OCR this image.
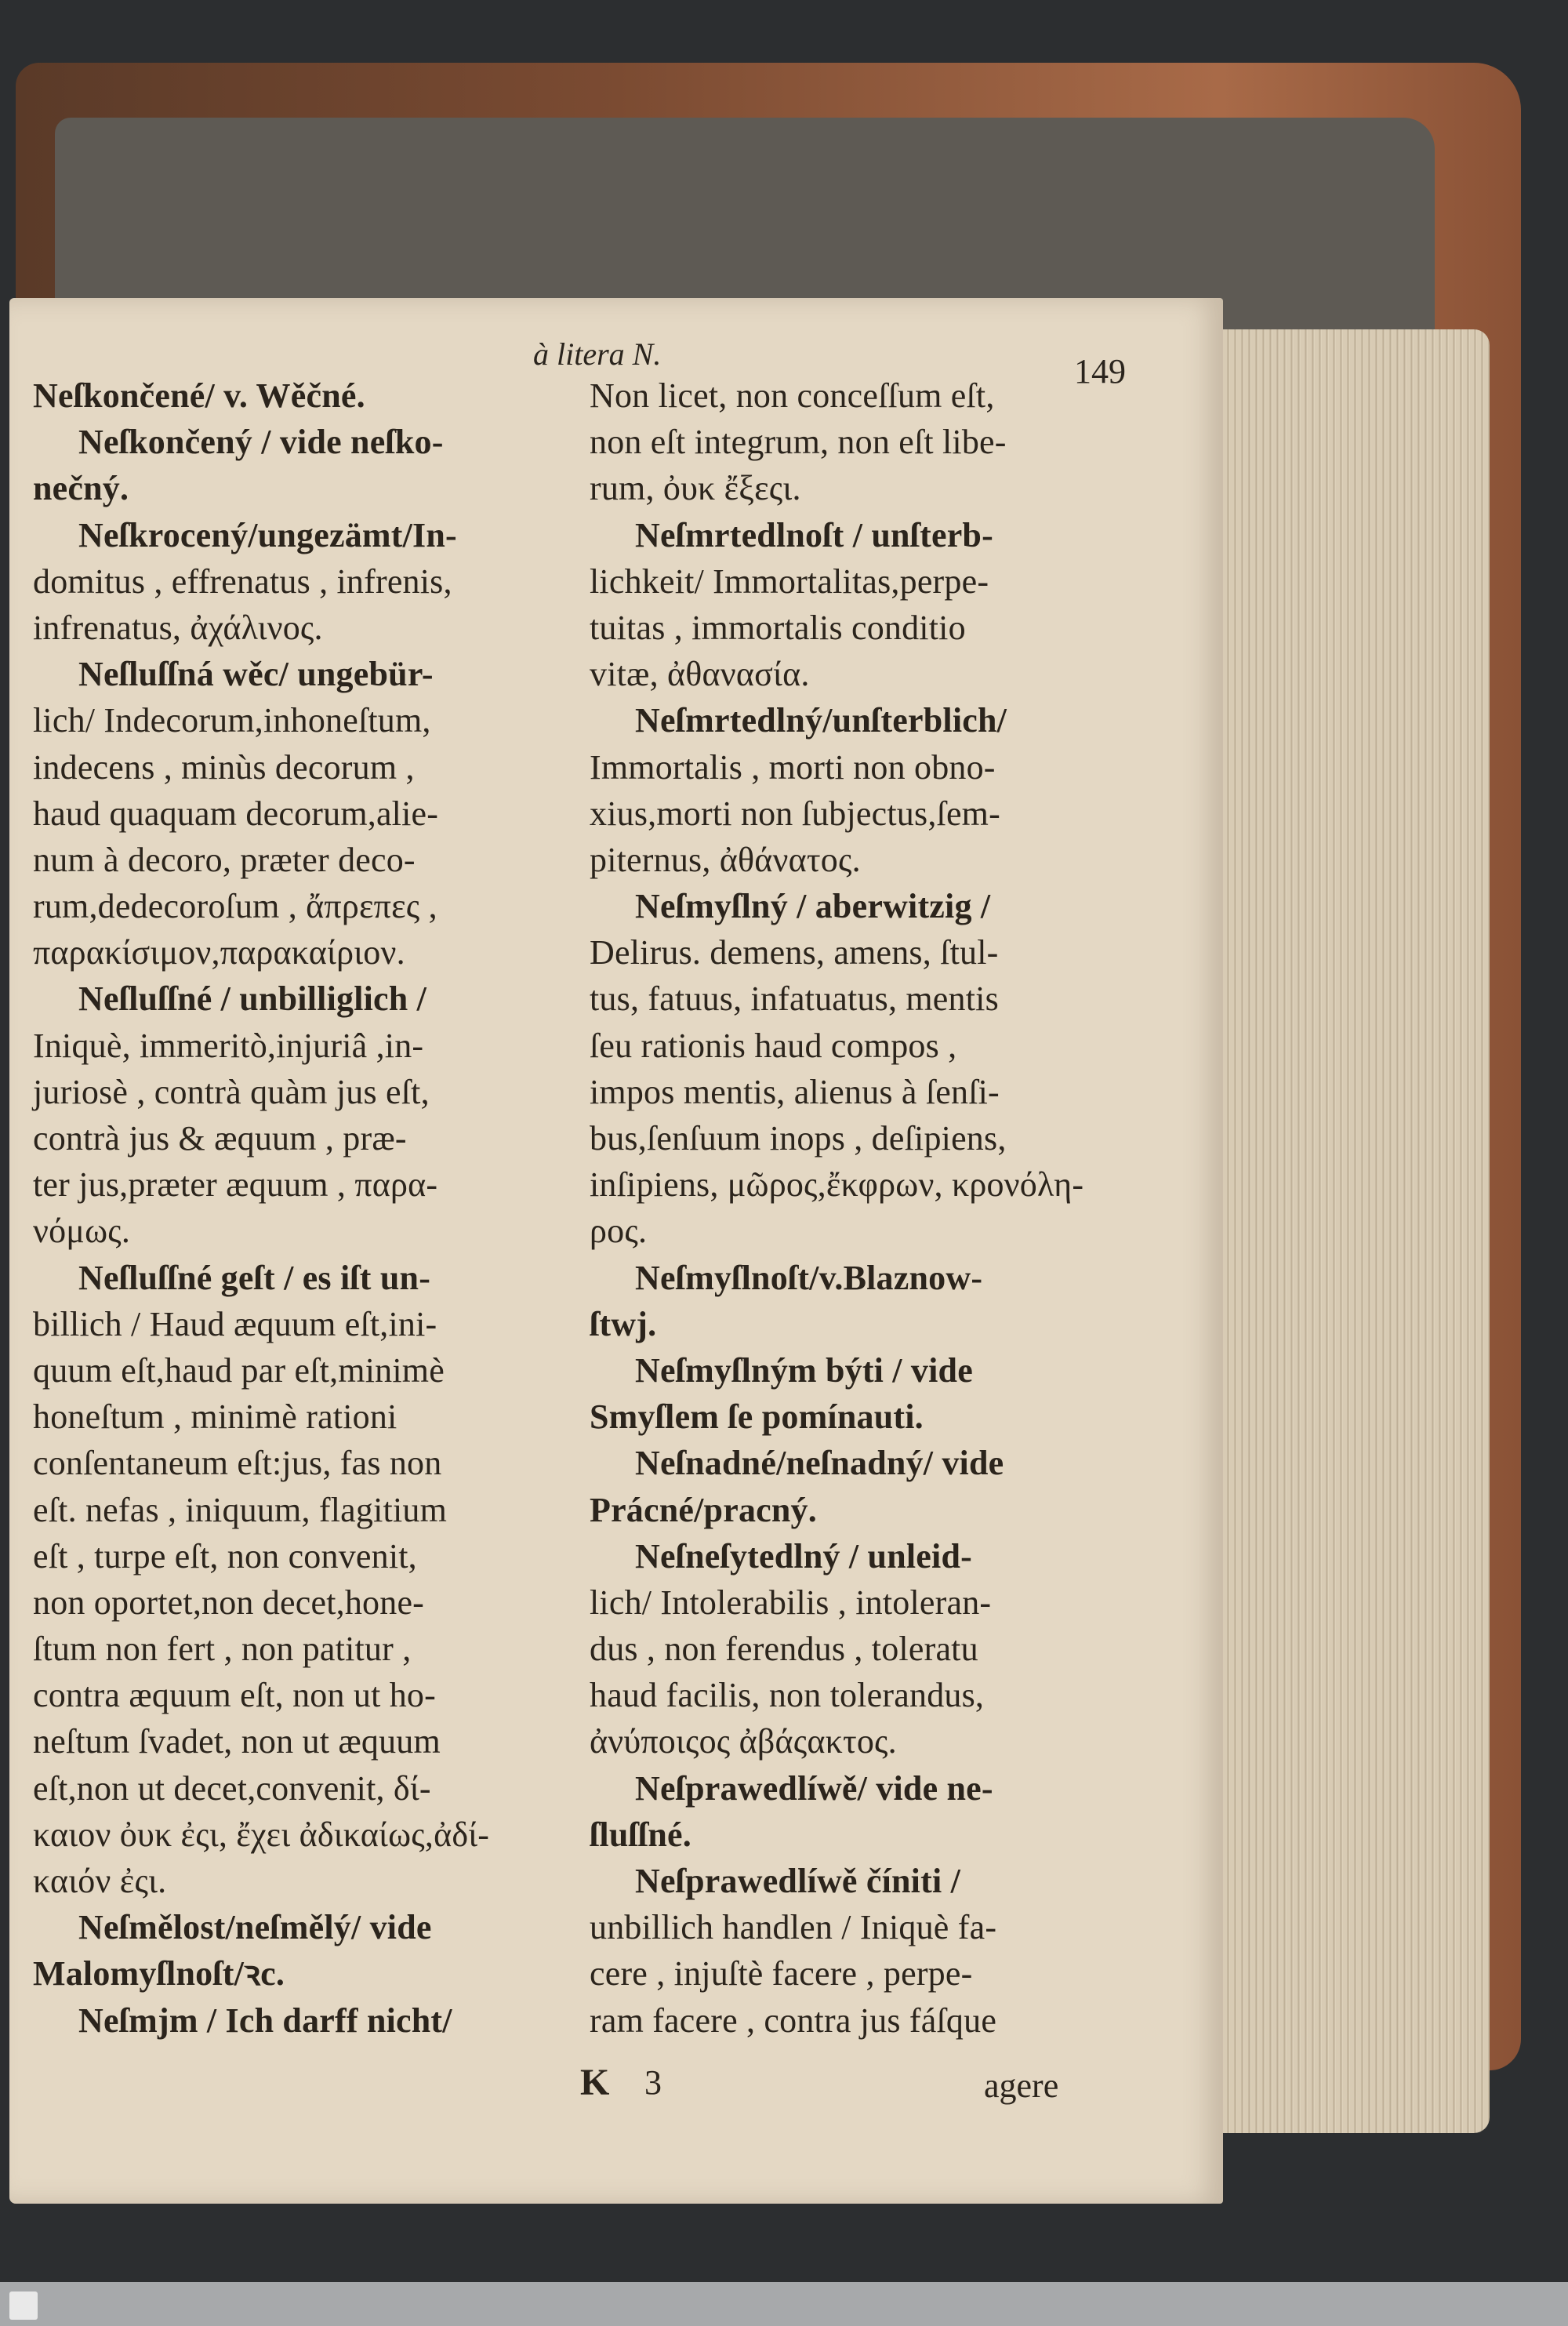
à litera N.	149
Neſkončené/ v. Wěčné.
Neſkončený / vide neſko-
nečný.
Neſkrocený/ungezämt/In-
domitus , effrenatus , infrenis,
infrenatus, ἀχάλινος.
Neſluſſná wěc/ ungebür-
lich/ Indecorum,inhoneſtum,
indecens , minùs decorum ,
haud quaquam decorum,alie-
num à decoro, præter deco-
rum,dedecoroſum , ἄπρεπες ,
παρακίσιμον,παρακαίριον.
Neſluſſné / unbilliglich /
Iniquè, immeritò,injuriâ ,in-
juriosè , contrà quàm jus eſt,
contrà jus & æquum , præ-
ter jus,præter æquum , παρα-
νόμως.
Neſluſſné geſt / es iſt un-
billich / Haud æquum eſt,ini-
quum eſt,haud par eſt,minimè
honeſtum , minimè rationi
conſentaneum eſt:jus, fas non
eſt. nefas , iniquum, flagitium
eſt , turpe eſt, non convenit,
non oportet,non decet,hone-
ſtum non fert , non patitur ,
contra æquum eſt, non ut ho-
neſtum ſvadet, non ut æquum
eſt,non ut decet,convenit, δί-
καιον ὀυκ ἐςι, ἔχει ἀδικαίως,ἀδί-
καιόν ἐςι.
Neſmělost/neſmělý/ vide
Malomyſlnoſt/ꝛc.
Neſmjm / Ich darff nicht/
Non licet, non conceſſum eſt,
non eſt integrum, non eſt libe-
rum, ὀυκ ἔξεςι.
Neſmrtedlnoſt / unſterb-
lichkeit/ Immortalitas,perpe-
tuitas , immortalis conditio
vitæ, ἀθανασία.
Neſmrtedlný/unſterblich/
Immortalis , morti non obno-
xius,morti non ſubjectus,ſem-
piternus, ἀθάνατος.
Neſmyſlný / aberwitzig /
Delirus. demens, amens, ſtul-
tus, fatuus, infatuatus, mentis
ſeu rationis haud compos ,
impos mentis, alienus à ſenſi-
bus,ſenſuum inops , deſipiens,
inſipiens, μῶρος,ἔκφρων, κρονόλη-
ρος.
Neſmyſlnoſt/v.Blaznow-
ſtwj.
Neſmyſlným býti / vide
Smyſlem ſe pomínauti.
Neſnadné/neſnadný/ vide
Prácné/pracný.
Neſneſytedlný / unleid-
lich/ Intolerabilis , intoleran-
dus , non ferendus , toleratu
haud facilis, non tolerandus,
ἀνύποιςος ἀβάςακτος.
Neſprawedlíwě/ vide ne-
ſluſſné.
Neſprawedlíwě číniti /
unbillich handlen / Iniquè fa-
cere , injuſtè facere , perpe-
ram facere , contra jus fáſque
K 3	agere
